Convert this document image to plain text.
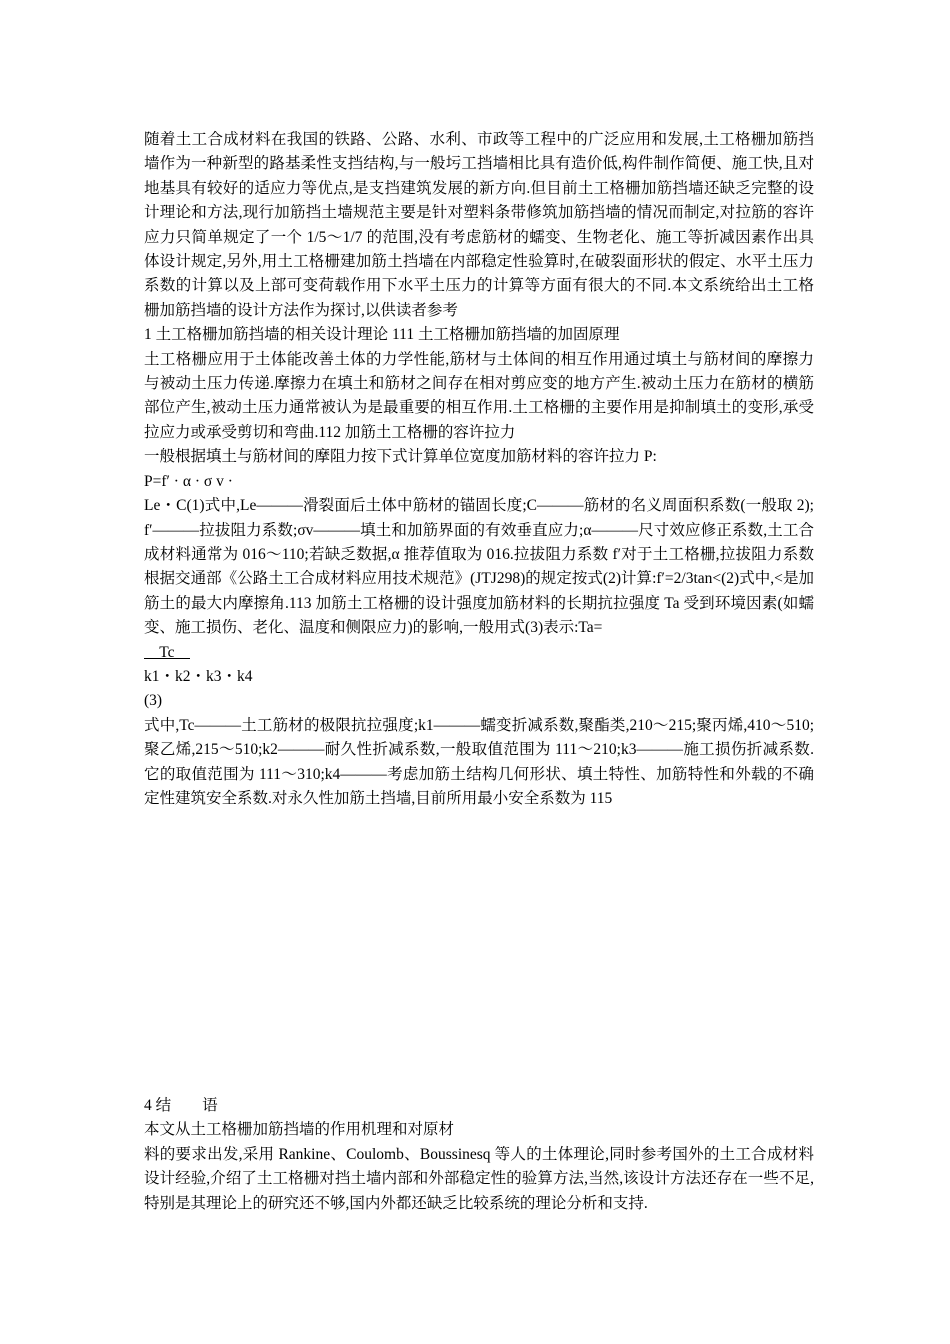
随着土工合成材料在我国的铁路、公路、水利、市政等工程中的广泛应用和发展,土工格栅加筋挡墙作为一种新型的路基柔性支挡结构,与一般圬工挡墙相比具有造价低,构件制作简便、施工快,且对地基具有较好的适应力等优点,是支挡建筑发展的新方向.但目前土工格栅加筋挡墙还缺乏完整的设计理论和方法,现行加筋挡土墙规范主要是针对塑料条带修筑加筋挡墙的情况而制定,对拉筋的容许应力只简单规定了一个 1/5～1/7 的范围,没有考虑筋材的蠕变、生物老化、施工等折减因素作出具体设计规定,另外,用土工格栅建加筋土挡墙在内部稳定性验算时,在破裂面形状的假定、水平土压力系数的计算以及上部可变荷载作用下水平土压力的计算等方面有很大的不同.本文系统给出土工格栅加筋挡墙的设计方法作为探讨,以供读者参考

1 土工格栅加筋挡墙的相关设计理论 111 土工格栅加筋挡墙的加固原理

土工格栅应用于土体能改善土体的力学性能,筋材与土体间的相互作用通过填土与筋材间的摩擦力与被动土压力传递.摩擦力在填土和筋材之间存在相对剪应变的地方产生.被动土压力在筋材的横筋部位产生,被动土压力通常被认为是最重要的相互作用.土工格栅的主要作用是抑制填土的变形,承受拉应力或承受剪切和弯曲.112 加筋土工格栅的容许拉力

一般根据填土与筋材间的摩阻力按下式计算单位宽度加筋材料的容许拉力 P:

P=f′ · α · σ v ·

Le・C(1)式中,Le———滑裂面后土体中筋材的锚固长度;C———筋材的名义周面积系数(一般取 2);f′———拉拔阻力系数;σv———填土和加筋界面的有效垂直应力;α———尺寸效应修正系数,土工合成材料通常为 016～110;若缺乏数据,α 推荐值取为 016.拉拔阻力系数 f′对于土工格栅,拉拔阻力系数根据交通部《公路土工合成材料应用技术规范》(JTJ298)的规定按式(2)计算:f′=2/3tan<(2)式中,<是加筋土的最大内摩擦角.113 加筋土工格栅的设计强度加筋材料的长期抗拉强度 Ta 受到环境因素(如蠕变、施工损伤、老化、温度和侧限应力)的影响,一般用式(3)表示:Ta=

Tc

k1・k2・k3・k4

(3)

式中,Tc———土工筋材的极限抗拉强度;k1———蠕变折减系数,聚酯类,210～215;聚丙烯,410～510;聚乙烯,215～510;k2———耐久性折减系数,一般取值范围为 111～210;k3———施工损伤折减系数.它的取值范围为 111～310;k4———考虑加筋土结构几何形状、填土特性、加筋特性和外载的不确定性建筑安全系数.对永久性加筋土挡墙,目前所用最小安全系数为 115

4 结　　语

本文从土工格栅加筋挡墙的作用机理和对原材

料的要求出发,采用 Rankine、Coulomb、Boussinesq 等人的土体理论,同时参考国外的土工合成材料设计经验,介绍了土工格栅对挡土墙内部和外部稳定性的验算方法,当然,该设计方法还存在一些不足,特别是其理论上的研究还不够,国内外都还缺乏比较系统的理论分析和支持.
